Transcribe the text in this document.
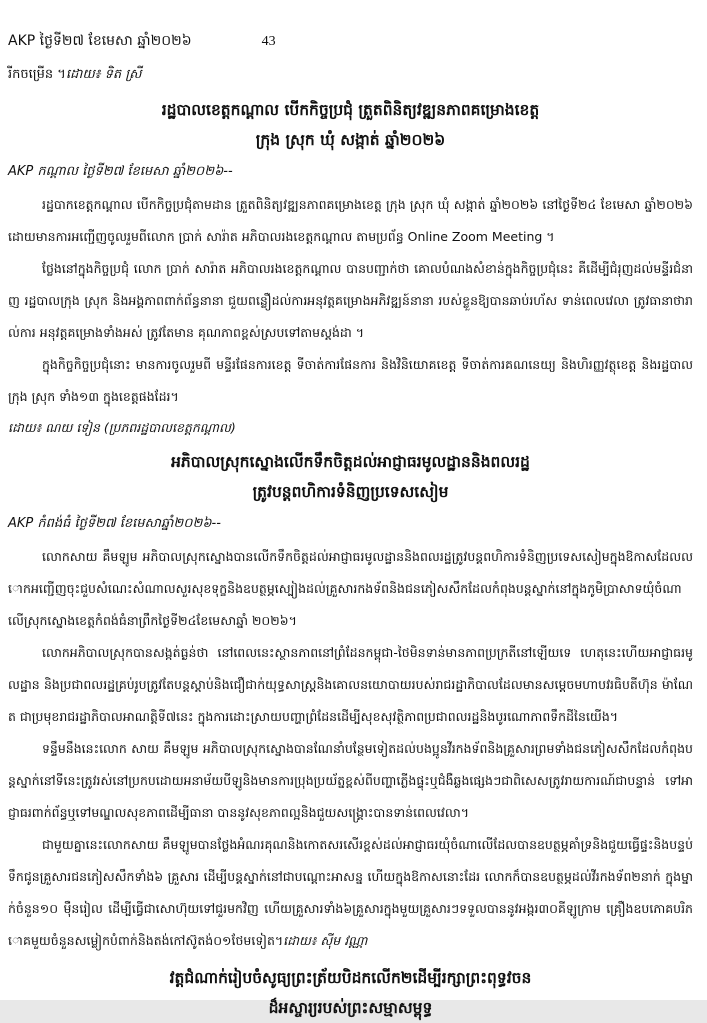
AKP ថ្ងៃទី២៧ ខែមេសា ឆ្នាំ២០២៦	43
រីកចម្រើន ។ដោយ៖ ទិត ស្រី
រដ្ឋបាលខេត្តកណ្ដាល បើកកិច្ចប្រជុំ ត្រួតពិនិត្យវឌ្ឍនភាពគម្រោងខេត្ត
ក្រុង ស្រុក ឃុំ សង្កាត់ ឆ្នាំ២០២៦
AKP កណ្ដាល ថ្ងៃទី២៧ ខែមេសា ឆ្នាំ២០២៦--

រដ្ឋបាកខេត្តកណ្ដាល បើកកិច្ចប្រជុំតាមដាន ត្រួតពិនិត្យវឌ្ឍនភាពគម្រោងខេត្ត ក្រុង ស្រុក ឃុំ សង្កាត់ ឆ្នាំ២០២៦ នៅថ្ងៃទី២៤ ខែមេសា ឆ្នាំ២០២៦ ដោយមានការអញ្ជើញចូលរួមពីលោក ប្រាក់ សារ៉ាត អភិបាលរងខេត្តកណ្ដាល តាមប្រព័ន្ធ Online Zoom Meeting ។

ថ្លែងនៅក្នុងកិច្ចប្រជុំ លោក ប្រាក់ សារ៉ាត អភិបាលរងខេត្តកណ្ដាល បានបញ្ជាក់ថា គោលបំណងសំខាន់ក្នុងកិច្ចប្រជុំនេះ គឺដើម្បីជំរុញដល់មន្ទីរជំនាញ រដ្ឋបាលក្រុង ស្រុក និងអង្គភាពពាក់ព័ន្ធនានា ជួយពន្លឿដល់ការអនុវត្តគម្រោងអភិវឌ្ឍន៍នានា របស់ខ្លួនឱ្យបានឆាប់រហ័ស ទាន់ពេលវេលា ត្រូវធានាថារាល់ការ អនុវត្តគម្រោងទាំងអស់ ត្រូវតែមាន គុណភាពខ្ពស់ស្របទៅតាមស្តង់ដា ។

ក្នុងកិច្ចកិច្ចប្រជុំនោះ មានការចូលរួមពី មន្ទីរផែនការខេត្ត ទីចាត់ការផែនការ និងវិនិយោគខេត្ត ទីចាត់ការគណនេយ្យ និងហិរញ្ញវត្ថុខេត្ត និងរដ្ឋបាលក្រុង ស្រុក ទាំង១៣ ក្នុងខេត្តផងដែរ។

ដោយ៖ ណយ ទៀន (ប្រភពរដ្ឋបាលខេត្តកណ្ដាល)
អភិបាលស្រុកស្នោងលើកទឹកចិត្តដល់អាជ្ញាធរមូលដ្ឋាននិងពលរដ្ឋ
ត្រូវបន្តពហិការទំនិញប្រទេសសៀម
AKP កំពង់ធំ ថ្ងៃទី២៧ ខែមេសាឆ្នាំ២០២៦--

លោកសាយ គឹមឡូម អភិបាលស្រុកស្នោងបានលើកទឹកចិត្តដល់អាជ្ញាធរមូលដ្ឋាននិងពលរដ្ឋត្រូវបន្តពហិការទំនិញប្រទេសសៀមក្នុងឱកាសដែលលោកអញ្ជើញចុះជួបសំណេះសំណាលសួរសុខទុក្ខនិងឧបត្ថម្ភស្បៀងដល់គ្រួសារកងទ័ពនិងជនភៀសសឹកដែលកំពុងបន្តស្នាក់នៅក្នុងភូមិប្រាសាទយុំចំណាលើស្រុកស្នោងខេត្តកំពង់ធំនាព្រឹកថ្ងៃទី២៤ខែមេសាឆ្នាំ ២០២៦។

លោកអភិបាលស្រុកបានសង្កត់ធ្ងន់ថា នៅពេលនេះស្ថានភាពនៅព្រំដែនកម្ពុជា-ថៃមិនទាន់មានភាពប្រក្រតីនៅឡើយទេ ហេតុនេះហើយអាជ្ញាធរមូលដ្ឋាន និងប្រជាពលរដ្ឋគ្រប់រូបត្រូវតែបន្តស្តាប់និងជឿជាក់យុទ្ធសាស្ត្រនិងគោលនយោបាយរបស់រាជរដ្ឋាភិបាលដែលមានសម្តេចមហាបវរធិបតីហ៊ុន ម៉ាណែត ជាប្រមុខរាជរដ្ឋាភិបាលអាណត្តិទី៧នេះ ក្នុងការដោះស្រាយបញ្ហាព្រំដែនដើម្បីសុខសុវត្ថិភាពប្រជាពលរដ្ឋនិងបូរណោភាពទឹកដីនៃយើង។

ទន្ទឹមនឹងនេះលោក សាយ គឹមឡូម អភិបាលស្រុកស្នោងបានណែនាំបន្ថែមទៀតដល់បងប្អូនវីរកងទ័ពនិងគ្រួសារព្រមទាំងជនភៀសសឹកដែលកំពុងបន្តស្នាក់នៅទីនេះត្រូវរស់នៅប្រកបដោយអនាម័យបីឡូនិងមានការប្រុងប្រយ័ត្នខ្ពស់ពីបញ្ហាភ្លើងផ្ទុះឬជំងឺឆ្លងផ្សេងៗជាពិសេសត្រូវរាយការណ៍ជាបន្ទាន់ ទៅអាជ្ញាធរពាក់ព័ន្ធឬទៅមណ្ឌលសុខភាពដើម្បីធានា បាននូវសុខភាពល្អនិងជួយសង្គ្រោះបានទាន់ពេលវេលា។

ជាមួយគ្នានេះលោកសាយ គឹមឡូមបានថ្លែងអំណរគុណនិងកោតសរសើរខ្ពស់ដល់អាជ្ញាធរយុំចំណាលើដែលបានឧបត្ថម្ភគាំទ្រនិងជួយធ្វើផ្ទះនិងបន្ទប់ទឹកជូនគ្រួសារជនភៀសសឹកទាំង៦ គ្រួសារ ដើម្បីបន្តស្នាក់នៅជាបណ្ដោះអាសន្ន ហើយក្នុងឱកាសនោះដែរ លោកក៏បានឧបត្ថម្ភដល់វីរកងទ័ព២នាក់ ក្នុងម្នាក់ចំនួន១០ ម៉ឺនរៀល ដើម្បីធ្វើជាសោហ៊ុយទៅជួរមកវិញ ហើយគ្រួសារទាំង៦គ្រួសារក្នុងមួយគ្រួសារៗទទួលបាននូវអង្ករ៣០គីឡូក្រាម គ្រឿងឧបភោគបរិភោគមួយចំនួនសម្លៀកបំពាក់និងតង់កៅស៊ូតង់០១ថែមទៀត។ដោយ៖ ស៊ីម វណ្ណា

វត្តជំណាក់រៀបចំសូធ្យព្រះត្រ័យបិដកលើក២ដើម្បីរក្សាព្រះពុទ្ធវចន
ដ៏អស្ចារ្យរបស់ព្រះសម្មាសម្ពុទ្ធ
